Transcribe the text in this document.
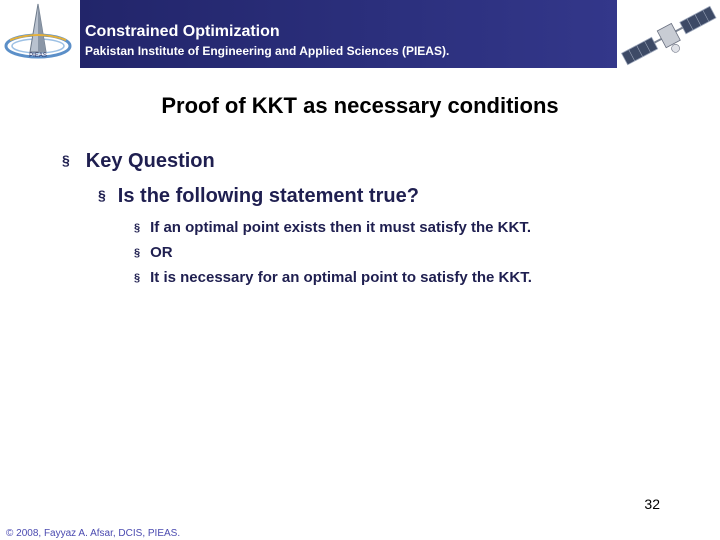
PIEAS
Constrained Optimization
Pakistan Institute of Engineering and Applied Sciences (PIEAS).
Proof of KKT as necessary conditions
§ Key Question
§ Is the following statement true?
§ If an optimal point exists then it must satisfy the KKT.
§ OR
§ It is necessary for an optimal point to satisfy the KKT.
32
© 2008, Fayyaz A. Afsar, DCIS, PIEAS.
